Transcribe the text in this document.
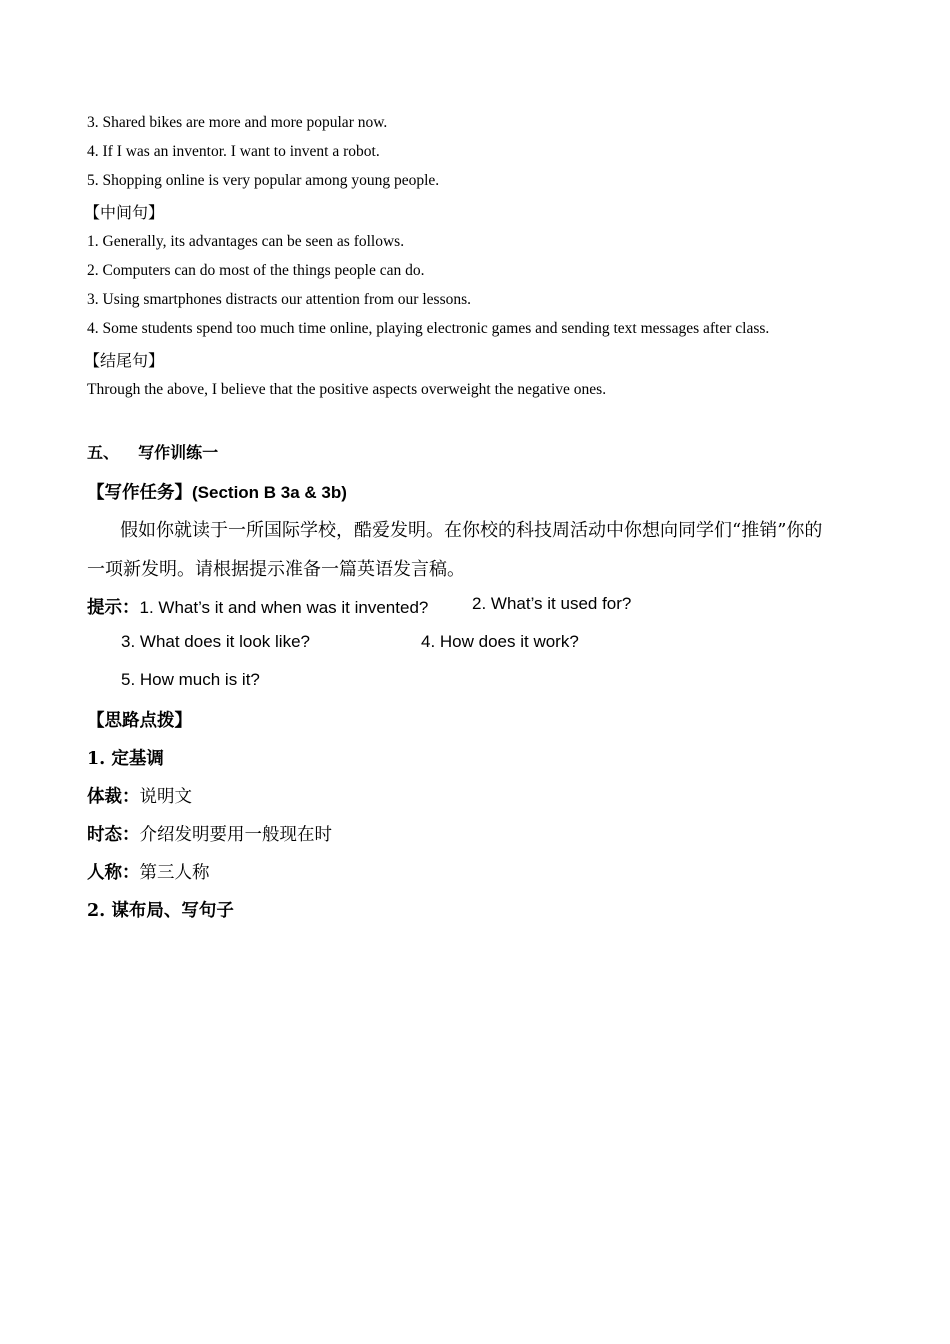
3. Shared bikes are more and more popular now.
4. If I was an inventor. I want to invent a robot.
5. Shopping online is very popular among young people.
【中间句】
1. Generally, its advantages can be seen as follows.
2. Computers can do most of the things people can do.
3. Using smartphones distracts our attention from our lessons.
4. Some students spend too much time online, playing electronic games and sending text messages after class.
【结尾句】
Through the above, I believe that the positive aspects overweight the negative ones.
五、 写作训练一
【写作任务】(Section B 3a & 3b)
假如你就读于一所国际学校，酷爱发明。在你校的科技周活动中你想向同学们“推销”你的
一项新发明。请根据提示准备一篇英语发言稿。
提示：1. What’s it and when was it invented?	2. What’s it used for?
3. What does it look like?	4. How does it work?
5. How much is it?
【思路点拨】
1. 定基调
体裁：说明文
时态：介绍发明要用一般现在时
人称：第三人称
2. 谋布局、写句子
